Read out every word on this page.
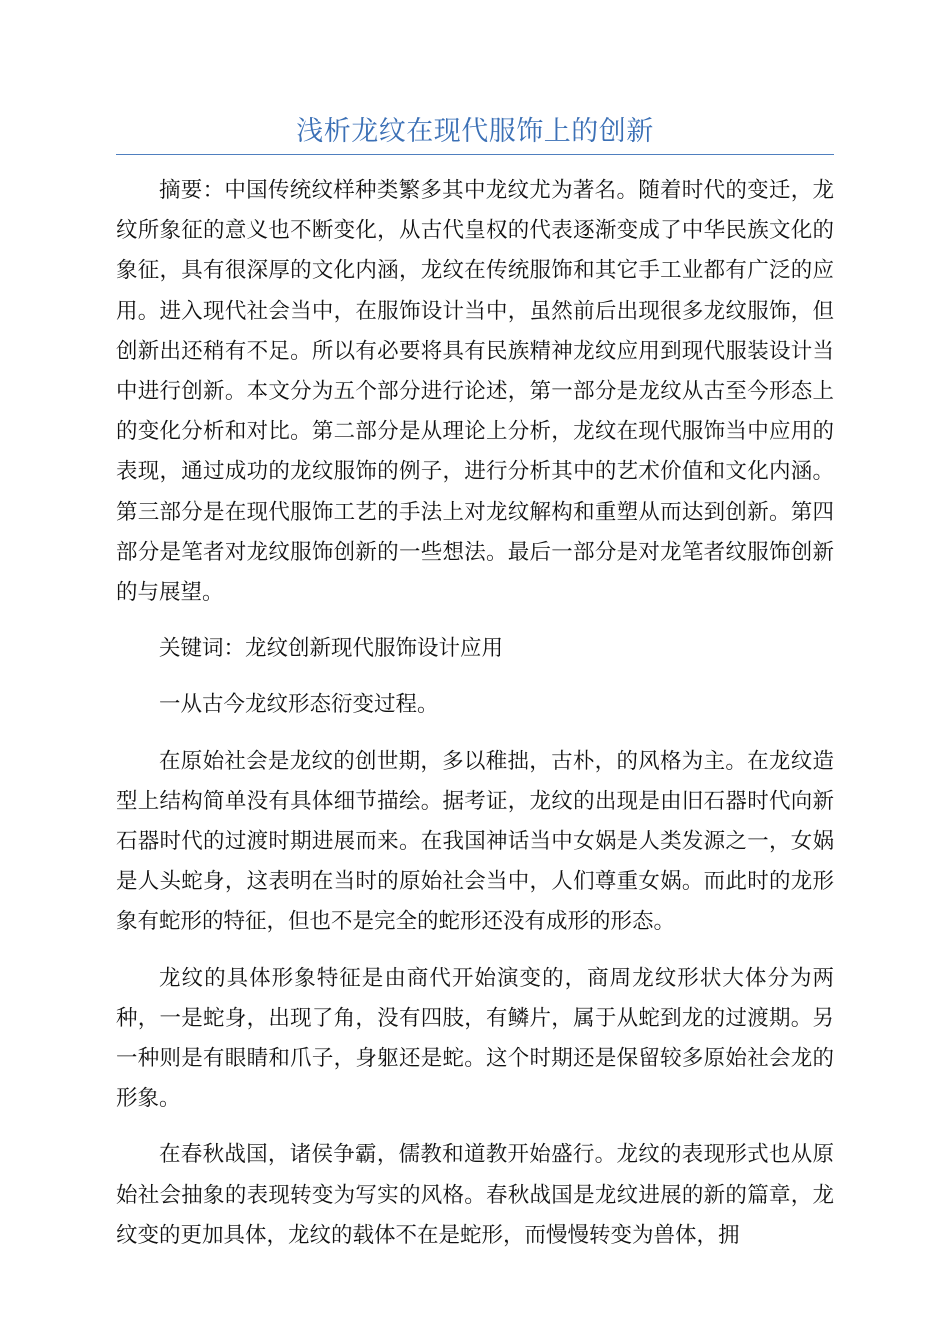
浅析龙纹在现代服饰上的创新

摘要：中国传统纹样种类繁多其中龙纹尤为著名。随着时代的变迁，龙纹所象征的意义也不断变化，从古代皇权的代表逐渐变成了中华民族文化的象征，具有很深厚的文化内涵，龙纹在传统服饰和其它手工业都有广泛的应用。进入现代社会当中，在服饰设计当中，虽然前后出现很多龙纹服饰，但创新出还稍有不足。所以有必要将具有民族精神龙纹应用到现代服装设计当中进行创新。本文分为五个部分进行论述，第一部分是龙纹从古至今形态上的变化分析和对比。第二部分是从理论上分析，龙纹在现代服饰当中应用的表现，通过成功的龙纹服饰的例子，进行分析其中的艺术价值和文化内涵。第三部分是在现代服饰工艺的手法上对龙纹解构和重塑从而达到创新。第四部分是笔者对龙纹服饰创新的一些想法。最后一部分是对龙笔者纹服饰创新的与展望。

关键词：龙纹创新现代服饰设计应用

一从古今龙纹形态衍变过程。

在原始社会是龙纹的创世期，多以稚拙，古朴，的风格为主。在龙纹造型上结构简单没有具体细节描绘。据考证，龙纹的出现是由旧石器时代向新石器时代的过渡时期进展而来。在我国神话当中女娲是人类发源之一，女娲是人头蛇身，这表明在当时的原始社会当中，人们尊重女娲。而此时的龙形象有蛇形的特征，但也不是完全的蛇形还没有成形的形态。

龙纹的具体形象特征是由商代开始演变的，商周龙纹形状大体分为两种，一是蛇身，出现了角，没有四肢，有鳞片，属于从蛇到龙的过渡期。另一种则是有眼睛和爪子，身躯还是蛇。这个时期还是保留较多原始社会龙的形象。

在春秋战国，诸侯争霸，儒教和道教开始盛行。龙纹的表现形式也从原始社会抽象的表现转变为写实的风格。春秋战国是龙纹进展的新的篇章，龙纹变的更加具体，龙纹的载体不在是蛇形，而慢慢转变为兽体，拥
